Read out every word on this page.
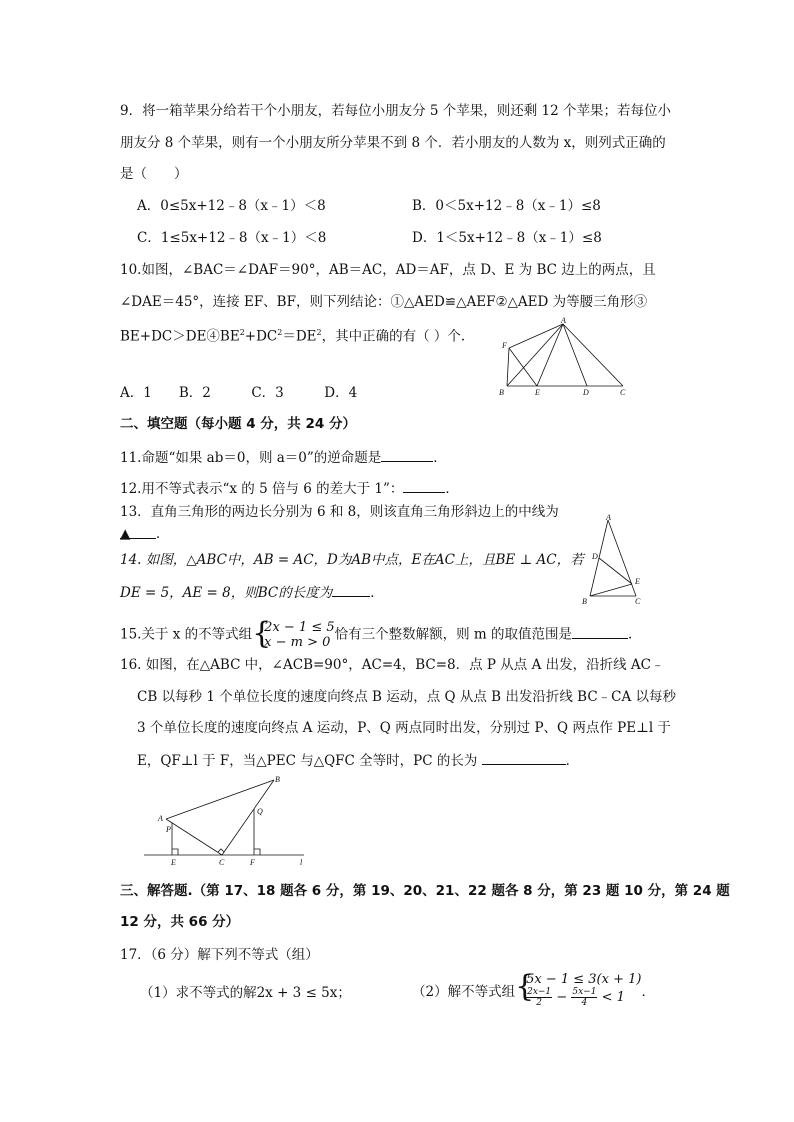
9．将一箱苹果分给若干个小朋友，若每位小朋友分 5 个苹果，则还剩 12 个苹果；若每位小
朋友分 8 个苹果，则有一个小朋友所分苹果不到 8 个．若小朋友的人数为 x，则列式正确的
是（　　）
A．0≤5x+12﹣8（x﹣1）＜8	B．0＜5x+12﹣8（x﹣1）≤8
C．1≤5x+12﹣8（x﹣1）＜8	D．1＜5x+12﹣8（x﹣1）≤8
10.如图，∠BAC＝∠DAF＝90°，AB＝AC，AD＝AF，点 D、E 为 BC 边上的两点，且
∠DAE＝45°，连接 EF、BF，则下列结论：①△AED≌△AEF②△AED 为等腰三角形③
$BE+DC>DE④BE^2+DC^2=DE^2$，其中正确的有（ ）个.
A．1　　B．2　　　C．3　　　D．4
A
F
B	E	D	C
二、填空题（每小题 4 分，共 24 分）
11.命题“如果 ab＝0，则 a＝0”的逆命题是	．
12.用不等式表示“x 的 5 倍与 6 的差大于 1”：	．
13．直角三角形的两边长分别为 6 和 8，则该直角三角形斜边上的中线为
▲ ．
14. 如图，△ABC中，AB = AC，D为AB中点，E在AC上，且BE ⊥ AC，若
DE = 5，AE = 8，则BC的长度为	．
A
D
E
B	C
15.关于 x 的不等式组 {
2x − 1 ≤ 5
x − m > 0 恰有三个整数解额，则 m 的取值范围是	.
16. 如图，在△ABC 中，∠ACB=90°，AC=4，BC=8．点 P 从点 A 出发，沿折线 AC﹣
CB 以每秒 1 个单位长度的速度向终点 B 运动，点 Q 从点 B 出发沿折线 BC﹣CA 以每秒
3 个单位长度的速度向终点 A 运动，P、Q 两点同时出发，分别过 P、Q 两点作 PE⊥l 于
E，QF⊥l 于 F，当△PEC 与△QFC 全等时，PC 的长为	．
B
A
P
Q
E	C	F	l
三、解答题.（第 17、18 题各 6 分，第 19、20、21、22 题各 8 分，第 23 题 10 分，第 24 题
12 分，共 66 分）
17．（6 分）解下列不等式（组）
（1）求不等式的解2x + 3 ≤ 5x；	（2）解不等式组 {
5x − 1 ≤ 3(x + 1)
$\frac{2x-1}{2} - \frac{5x-1}{4} < 1$	．
